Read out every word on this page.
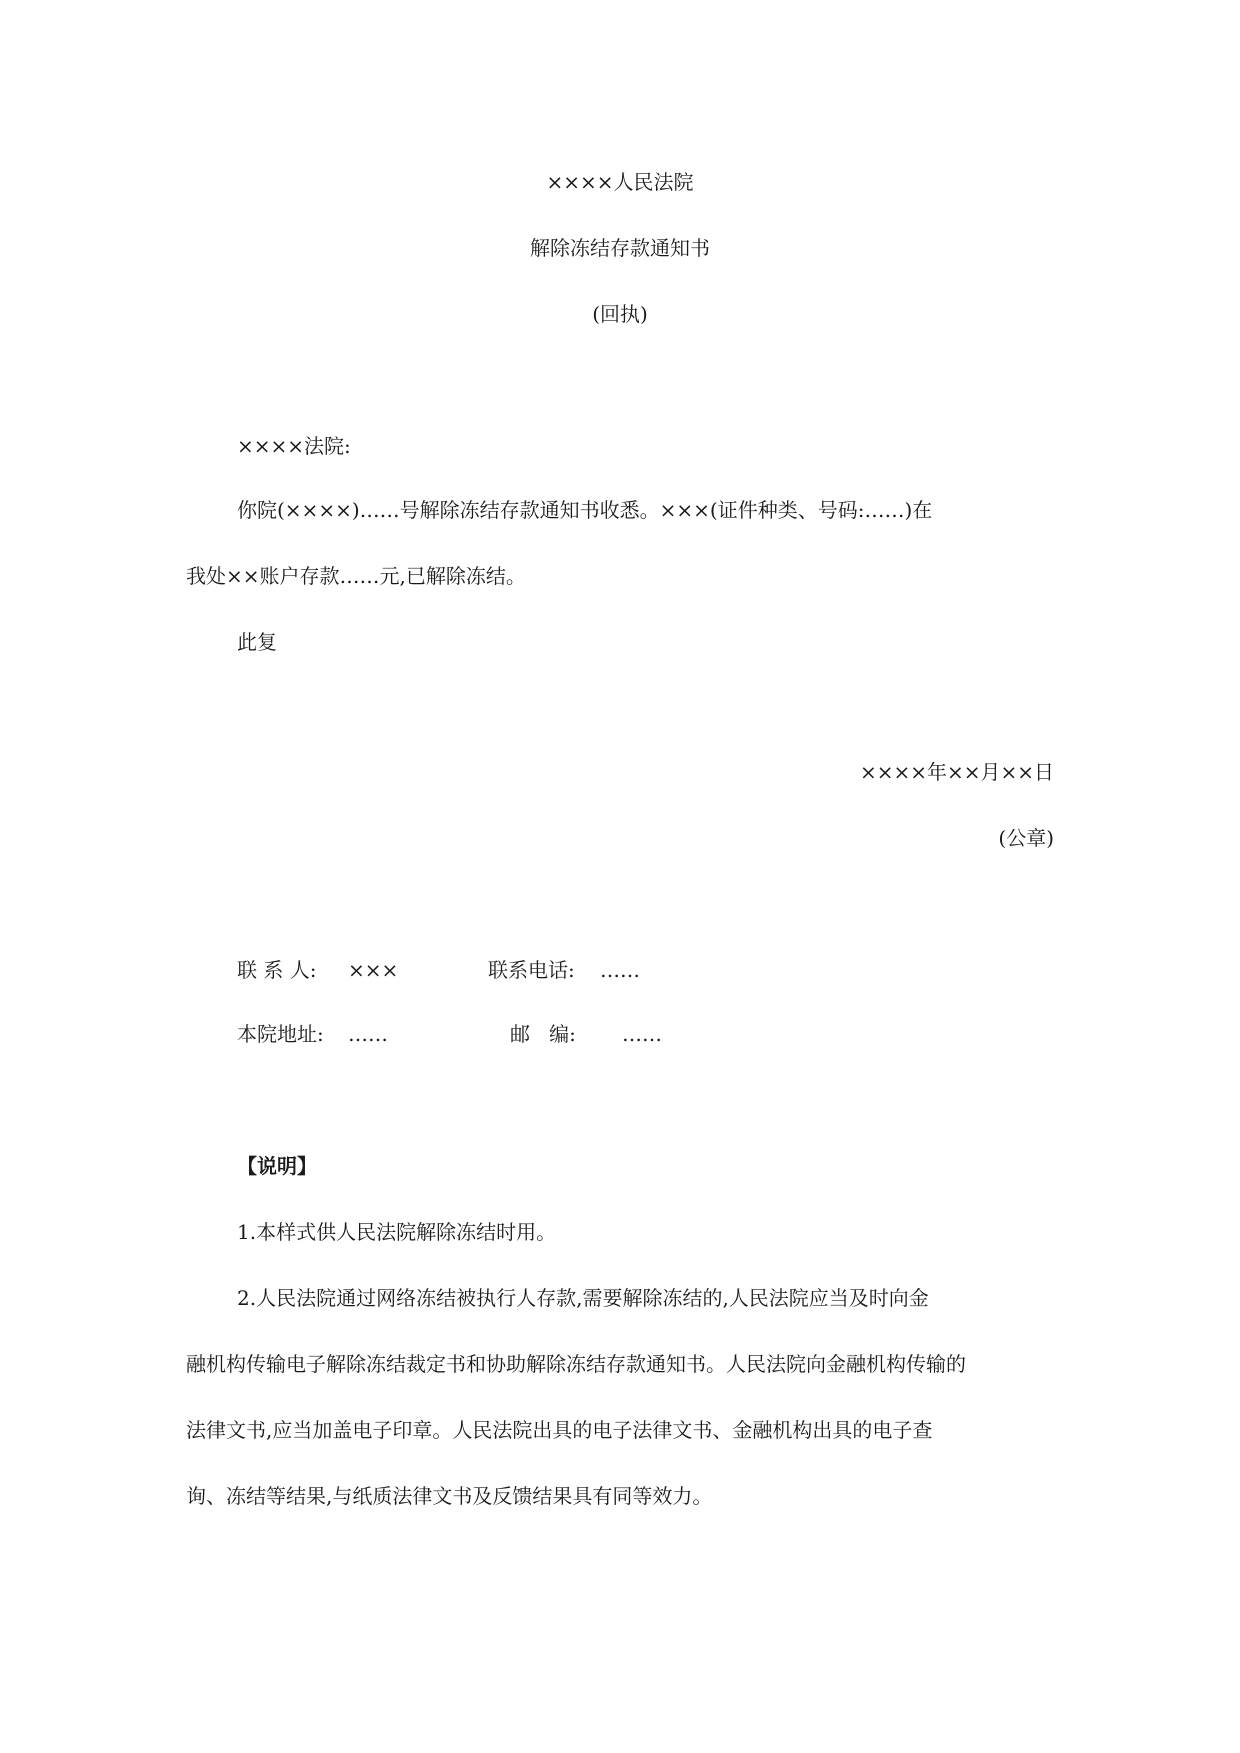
××××人民法院
解除冻结存款通知书
(回执)
××××法院:
你院(××××)……号解除冻结存款通知书收悉。×××(证件种类、号码:……)在
我处××账户存款……元,已解除冻结。
此复
××××年××月××日
(公章)
联 系 人: ×××	联系电话: ……
本院地址: ……	邮   编: ……
【说明】
1.本样式供人民法院解除冻结时用。
2.人民法院通过网络冻结被执行人存款,需要解除冻结的,人民法院应当及时向金
融机构传输电子解除冻结裁定书和协助解除冻结存款通知书。人民法院向金融机构传输的
法律文书,应当加盖电子印章。人民法院出具的电子法律文书、金融机构出具的电子查
询、冻结等结果,与纸质法律文书及反馈结果具有同等效力。
